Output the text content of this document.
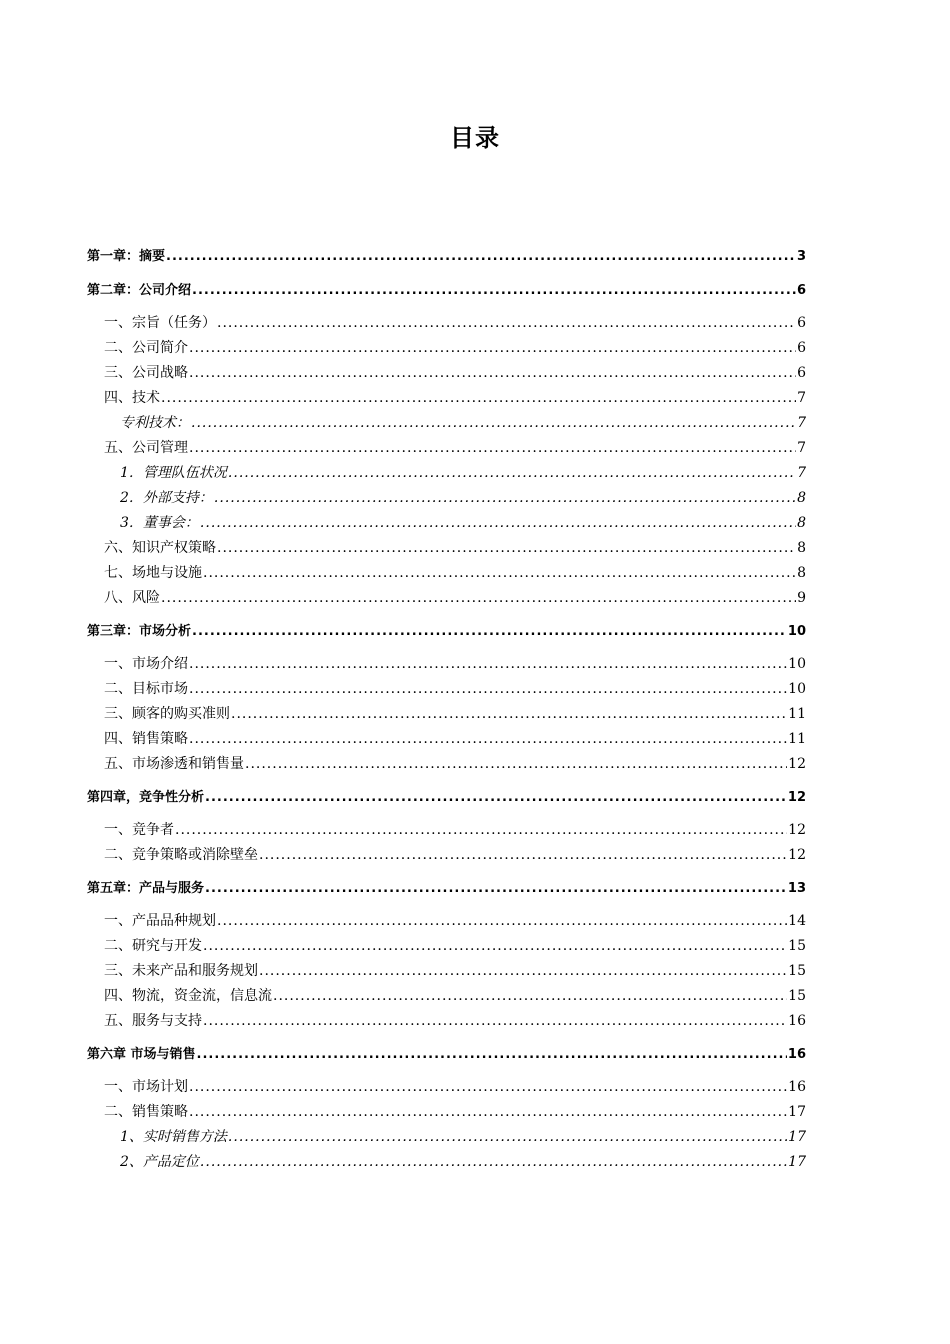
目录
第一章：摘要 .....	3
第二章：公司介绍 .....	6
一、宗旨（任务） .....	6
二、公司简介 .....	6
三、公司战略 .....	6
四、技术 .....	7
专利技术： .....	7
五、公司管理 .....	7
1．管理队伍状况 .....	7
2．外部支持： .....	8
3．董事会： .....	8
六、知识产权策略 .....	8
七、场地与设施 .....	8
八、风险 .....	9
第三章：市场分析 .....	10
一、市场介绍 .....	10
二、目标市场 .....	10
三、顾客的购买准则 .....	11
四、销售策略 .....	11
五、市场渗透和销售量 .....	12
第四章，竞争性分析 .....	12
一、竞争者 .....	12
二、竞争策略或消除壁垒 .....	12
第五章：产品与服务 .....	13
一、产品品种规划 .....	14
二、研究与开发 .....	15
三、未来产品和服务规划 .....	15
四、物流，资金流，信息流 .....	15
五、服务与支持 .....	16
第六章 市场与销售 .....	16
一、市场计划 .....	16
二、销售策略 .....	17
1、实时销售方法 .....	17
2、产品定位 .....	17
